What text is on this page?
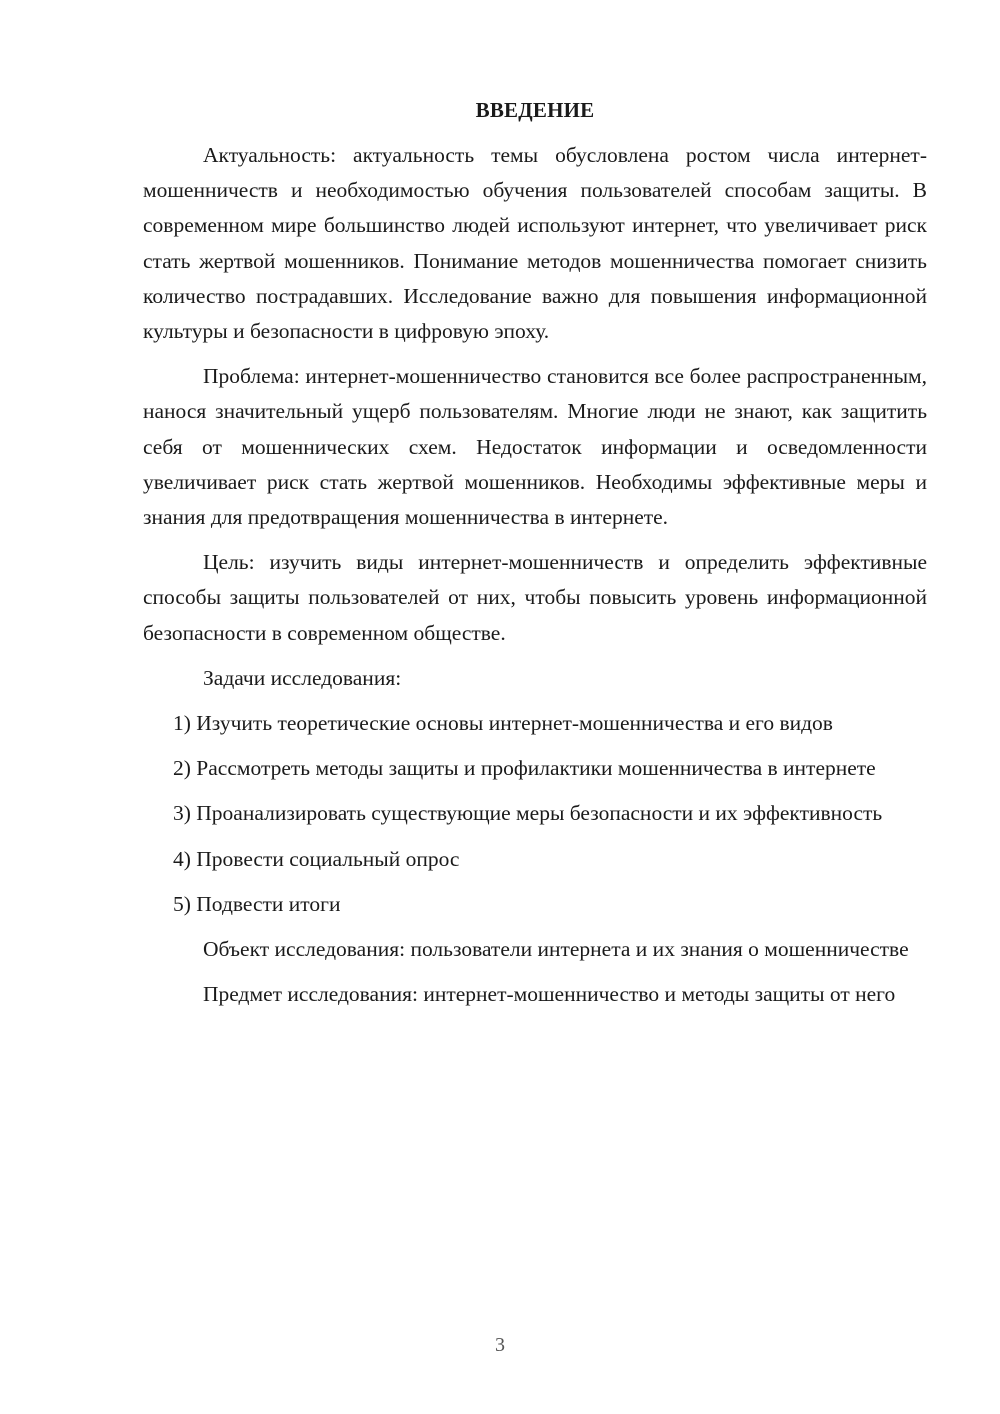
ВВЕДЕНИЕ

Актуальность: актуальность темы обусловлена ростом числа интернет-мошенничеств и необходимостью обучения пользователей способам защиты. В современном мире большинство людей используют интернет, что увеличивает риск стать жертвой мошенников. Понимание методов мошенничества помогает снизить количество пострадавших. Исследование важно для повышения информационной культуры и безопасности в цифровую эпоху.

Проблема: интернет-мошенничество становится все более распространенным, нанося значительный ущерб пользователям. Многие люди не знают, как защитить себя от мошеннических схем. Недостаток информации и осведомленности увеличивает риск стать жертвой мошенников. Необходимы эффективные меры и знания для предотвращения мошенничества в интернете.

Цель: изучить виды интернет-мошенничеств и определить эффективные способы защиты пользователей от них, чтобы повысить уровень информационной безопасности в современном обществе.

Задачи исследования:

1) Изучить теоретические основы интернет-мошенничества и его видов

2) Рассмотреть методы защиты и профилактики мошенничества в интернете

3) Проанализировать существующие меры безопасности и их эффективность

4) Провести социальный опрос

5) Подвести итоги

Объект исследования: пользователи интернета и их знания о мошенничестве

Предмет исследования: интернет-мошенничество и методы защиты от него

3
